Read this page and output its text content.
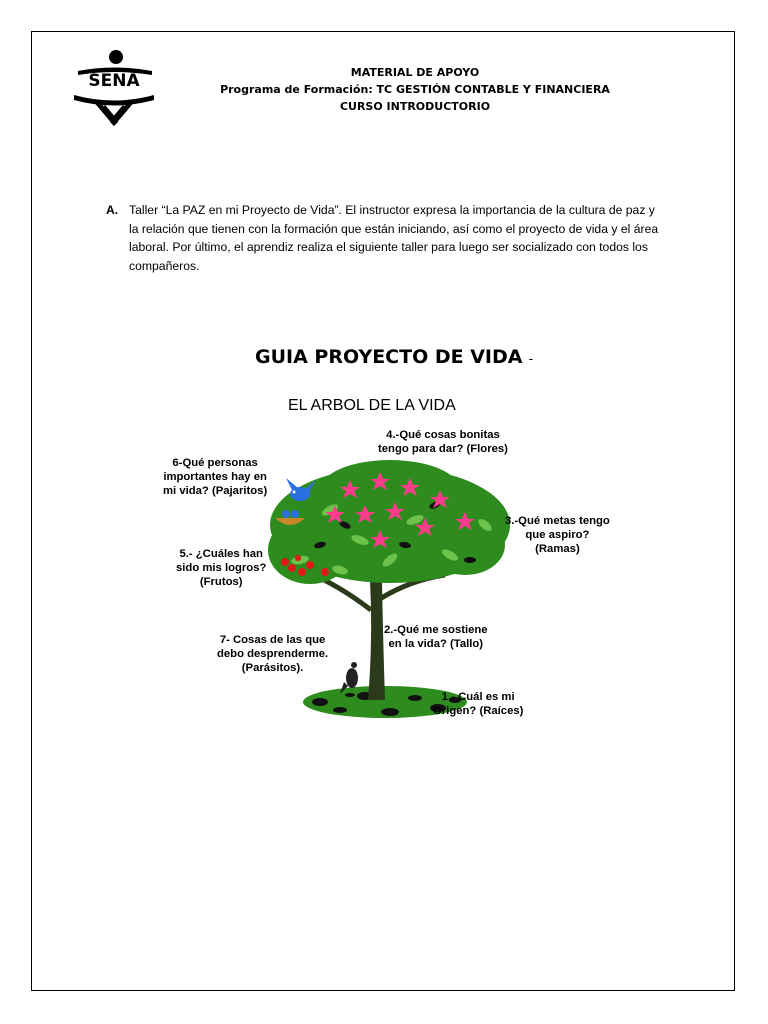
SENA	MATERIAL DE APOYO
Programa de Formación: TC GESTIÓN CONTABLE Y FINANCIERA
CURSO INTRODUCTORIO
A. Taller “La PAZ en mi Proyecto de Vida”. El instructor expresa la importancia de la cultura de paz y la relación que tienen con la formación que están iniciando, así como el proyecto de vida y el área laboral. Por último, el aprendiz realiza el siguiente taller para luego ser socializado con todos los compañeros.
GUIA PROYECTO DE VIDA -
EL ARBOL DE LA VIDA
4.-Qué cosas bonitas
tengo para dar? (Flores)
6-Qué personas
importantes hay en
mi vida? (Pajaritos)
3.-Qué metas tengo
que aspiro?
(Ramas)
5.- ¿Cuáles han
sido mis logros?
(Frutos)
2.-Qué me sostiene
en la vida? (Tallo)
7- Cosas de las que
debo desprenderme.
(Parásitos).
1.- Cuál es mi
Origen? (Raíces)
